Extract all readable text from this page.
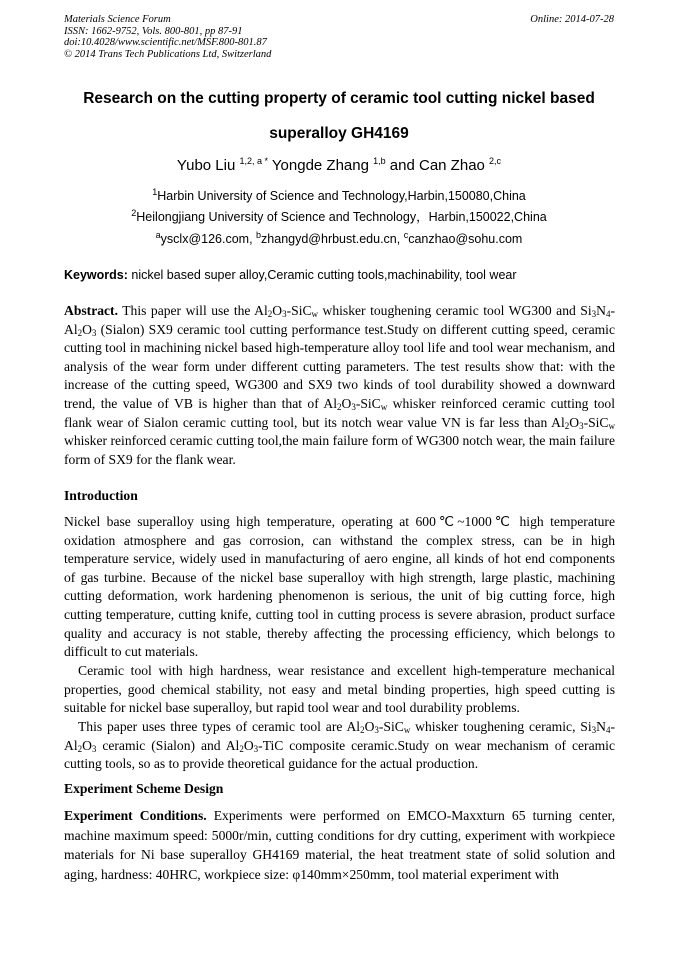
Materials Science Forum
ISSN: 1662-9752, Vols. 800-801, pp 87-91
doi:10.4028/www.scientific.net/MSF.800-801.87
© 2014 Trans Tech Publications Ltd, Switzerland
Online: 2014-07-28
Research on the cutting property of ceramic tool cutting nickel based
superalloy GH4169
Yubo Liu $^{1,2, a *}$ Yongde Zhang $^{1,b}$ and Can Zhao $^{2,c}$
$^1$Harbin University of Science and Technology,Harbin,150080,China
$^2$Heilongjiang University of Science and Technology，Harbin,150022,China
$^a$ysclx@126.com, $^b$zhangyd@hrbust.edu.cn, $^c$canzhao@sohu.com
Keywords: nickel based super alloy,Ceramic cutting tools,machinability, tool wear
Abstract. This paper will use the $Al_2O_3-SiC_w$ whisker toughening ceramic tool WG300 and $Si_3N_4-Al_2O_3$ (Sialon) SX9 ceramic tool cutting performance test.Study on different cutting speed, ceramic cutting tool in machining nickel based high-temperature alloy tool life and tool wear mechanism, and analysis of the wear form under different cutting parameters. The test results show that: with the increase of the cutting speed, WG300 and SX9 two kinds of tool durability showed a downward trend, the value of VB is higher than that of $Al_2O_3-SiC_w$ whisker reinforced ceramic cutting tool flank wear of Sialon ceramic cutting tool, but its notch wear value VN is far less than $Al_2O_3-SiC_w$ whisker reinforced ceramic cutting tool,the main failure form of WG300 notch wear, the main failure form of SX9 for the flank wear.
Introduction
Nickel base superalloy using high temperature, operating at 600℃~1000℃ high temperature oxidation atmosphere and gas corrosion, can withstand the complex stress, can be in high temperature service, widely used in manufacturing of aero engine, all kinds of hot end components of gas turbine. Because of the nickel base superalloy with high strength, large plastic, machining cutting deformation, work hardening phenomenon is serious, the unit of big cutting force, high cutting temperature, cutting knife, cutting tool in cutting process is severe abrasion, product surface quality and accuracy is not stable, thereby affecting the processing efficiency, which belongs to difficult to cut materials.
Ceramic tool with high hardness, wear resistance and excellent high-temperature mechanical properties, good chemical stability, not easy and metal binding properties, high speed cutting is suitable for nickel base superalloy, but rapid tool wear and tool durability problems.
This paper uses three types of ceramic tool are $Al_2O_3-SiC_w$ whisker toughening ceramic, $Si_3N_4-Al_2O_3$ ceramic (Sialon) and $Al_2O_3$-TiC composite ceramic.Study on wear mechanism of ceramic cutting tools, so as to provide theoretical guidance for the actual production.
Experiment Scheme Design
Experiment Conditions. Experiments were performed on EMCO-Maxxturn 65 turning center, machine maximum speed: 5000r/min, cutting conditions for dry cutting, experiment with workpiece materials for Ni base superalloy GH4169 material, the heat treatment state of solid solution and aging, hardness: 40HRC, workpiece size: φ140mm×250mm, tool material experiment with
